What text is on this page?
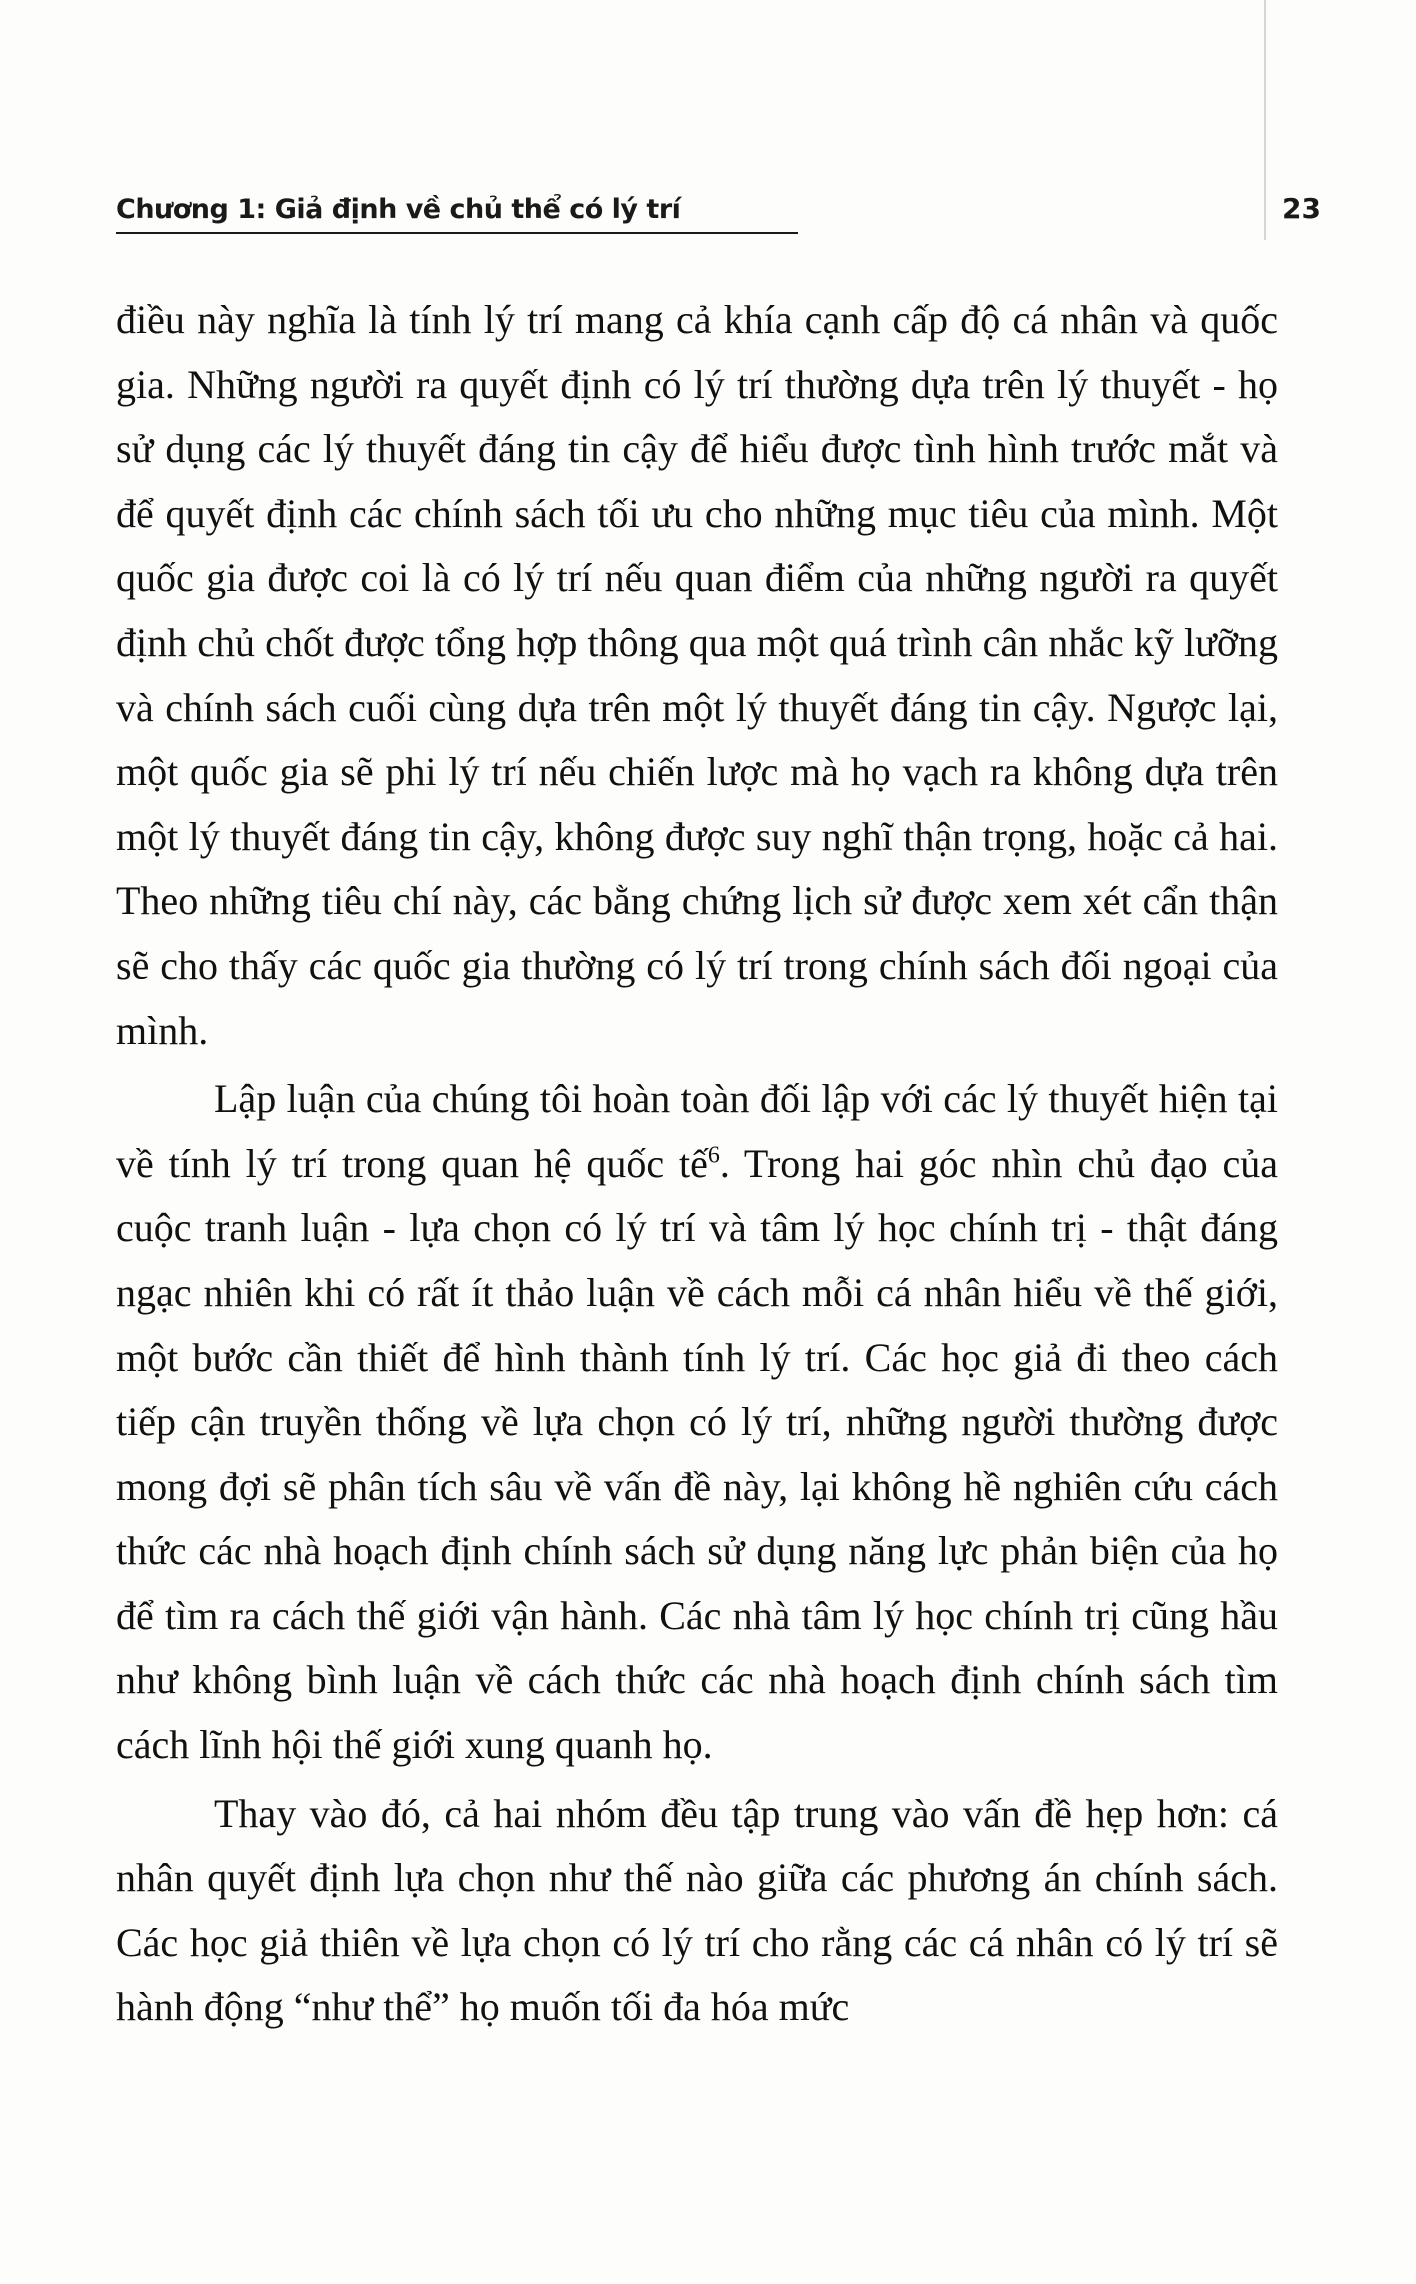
Chương 1: Giả định về chủ thể có lý trí	23

điều này nghĩa là tính lý trí mang cả khía cạnh cấp độ cá nhân và quốc gia. Những người ra quyết định có lý trí thường dựa trên lý thuyết - họ sử dụng các lý thuyết đáng tin cậy để hiểu được tình hình trước mắt và để quyết định các chính sách tối ưu cho những mục tiêu của mình. Một quốc gia được coi là có lý trí nếu quan điểm của những người ra quyết định chủ chốt được tổng hợp thông qua một quá trình cân nhắc kỹ lưỡng và chính sách cuối cùng dựa trên một lý thuyết đáng tin cậy. Ngược lại, một quốc gia sẽ phi lý trí nếu chiến lược mà họ vạch ra không dựa trên một lý thuyết đáng tin cậy, không được suy nghĩ thận trọng, hoặc cả hai. Theo những tiêu chí này, các bằng chứng lịch sử được xem xét cẩn thận sẽ cho thấy các quốc gia thường có lý trí trong chính sách đối ngoại của mình.

Lập luận của chúng tôi hoàn toàn đối lập với các lý thuyết hiện tại về tính lý trí trong quan hệ quốc tế$^6$. Trong hai góc nhìn chủ đạo của cuộc tranh luận - lựa chọn có lý trí và tâm lý học chính trị - thật đáng ngạc nhiên khi có rất ít thảo luận về cách mỗi cá nhân hiểu về thế giới, một bước cần thiết để hình thành tính lý trí. Các học giả đi theo cách tiếp cận truyền thống về lựa chọn có lý trí, những người thường được mong đợi sẽ phân tích sâu về vấn đề này, lại không hề nghiên cứu cách thức các nhà hoạch định chính sách sử dụng năng lực phản biện của họ để tìm ra cách thế giới vận hành. Các nhà tâm lý học chính trị cũng hầu như không bình luận về cách thức các nhà hoạch định chính sách tìm cách lĩnh hội thế giới xung quanh họ.

Thay vào đó, cả hai nhóm đều tập trung vào vấn đề hẹp hơn: cá nhân quyết định lựa chọn như thế nào giữa các phương án chính sách. Các học giả thiên về lựa chọn có lý trí cho rằng các cá nhân có lý trí sẽ hành động “như thể” họ muốn tối đa hóa mức
